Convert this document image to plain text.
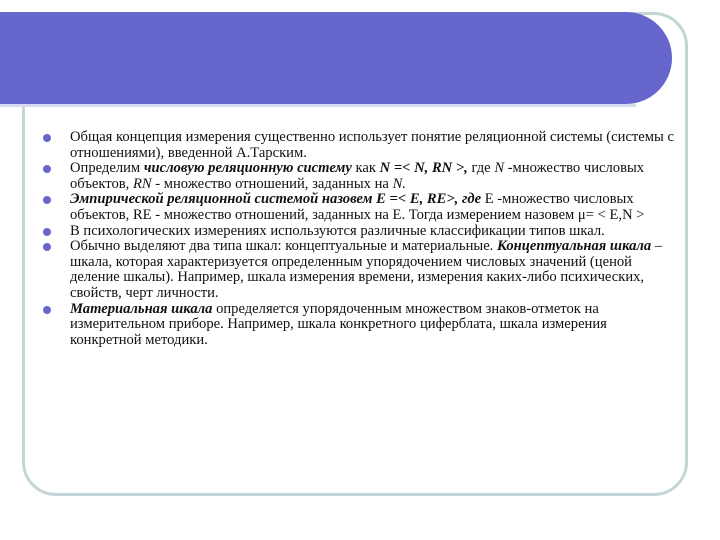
Общая концепция измерения существенно использует понятие реляционной системы (системы с отношениями), введенной А.Тарским.
Определим числовую реляционную систему как N =< N, RN >, где N -множество числовых объектов, RN - множество отношений, заданных на N.
Эмпирической реляционной системой назовем E =< E, RE>, где E -множество числовых объектов, RE - множество отношений, заданных на E. Тогда измерением назовем μ= < E,N >
В психологических измерениях используются различные классификации типов шкал.
Обычно выделяют два типа шкал: концептуальные и материальные. Концептуальная шкала – шкала, которая характеризуется определенным упорядочением числовых значений (ценой деление шкалы). Например, шкала измерения времени, измерения каких-либо психических, свойств, черт личности.
Материальная шкала определяется упорядоченным множеством знаков-отметок на измерительном приборе. Например, шкала конкретного циферблата, шкала измерения конкретной методики.
